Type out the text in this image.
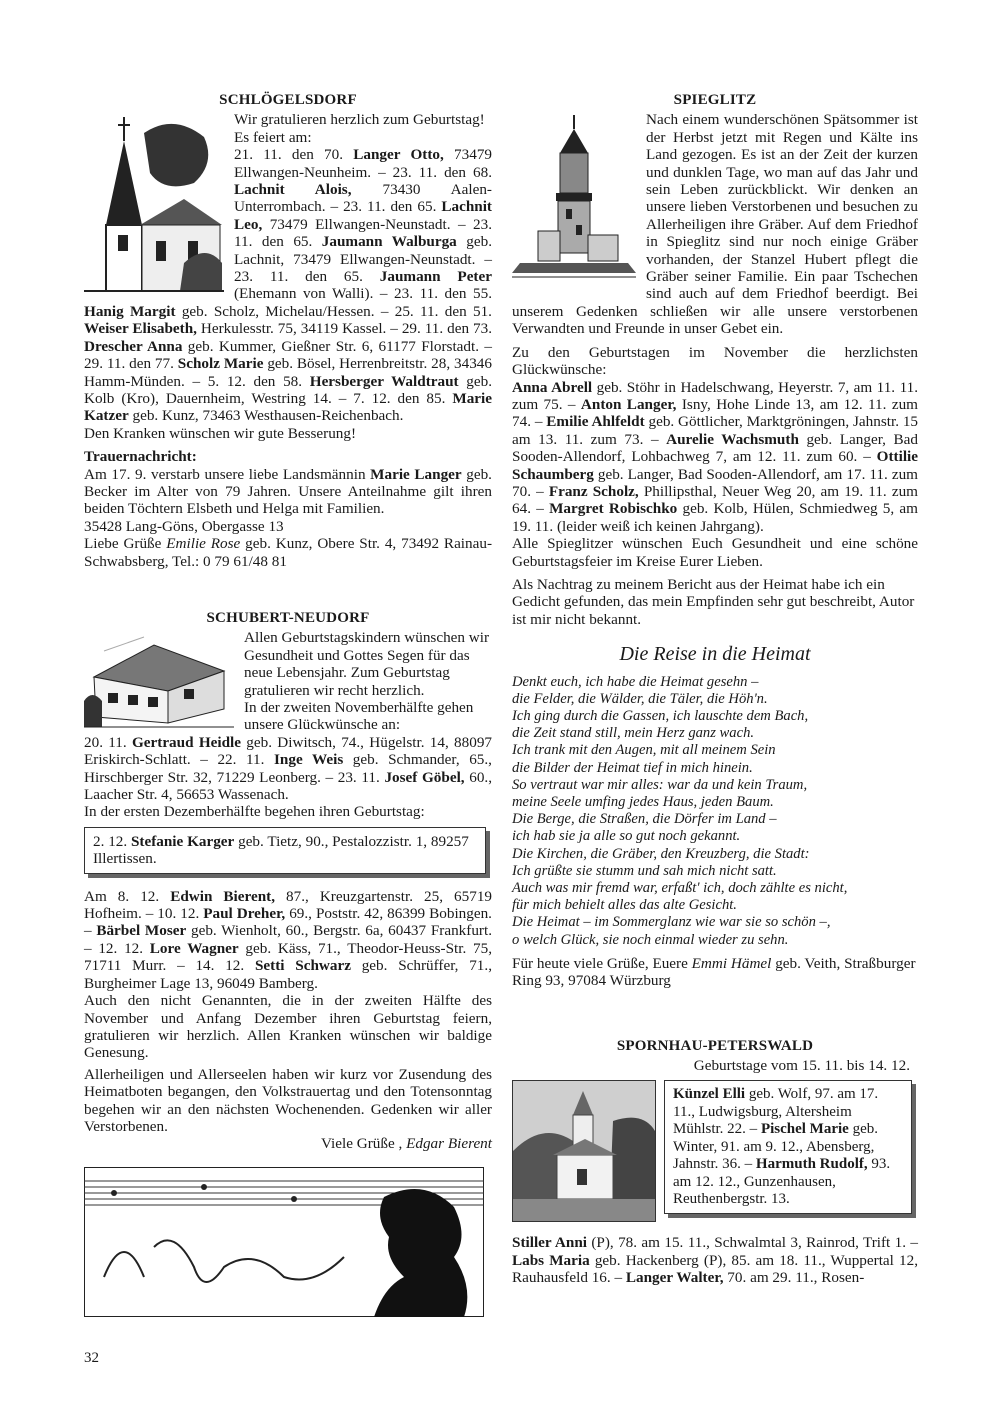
SCHLÖGELSDORF

Wir gratulieren herzlich zum Geburtstag!

Es feiert am:

21. 11. den 70. Langer Otto, 73479 Ellwangen-Neunheim. – 23. 11. den 68. Lachnit Alois, 73430 Aalen-Unterrombach. – 23. 11. den 65. Lachnit Leo, 73479 Ellwangen-Neunstadt. – 23. 11. den 65. Jaumann Walburga geb. Lachnit, 73479 Ellwangen-Neunstadt. – 23. 11. den 65. Jaumann Peter (Ehemann von Walli). – 23. 11. den 55. Hanig Margit geb. Scholz, Michelau/Hessen. – 25. 11. den 51. Weiser Elisabeth, Herkulesstr. 75, 34119 Kassel. – 29. 11. den 73. Drescher Anna geb. Kummer, Gießner Str. 6, 61177 Florstadt. – 29. 11. den 77. Scholz Marie geb. Bösel, Herrenbreitstr. 28, 34346 Hamm-Münden. – 5. 12. den 58. Hersberger Waldtraut geb. Kolb (Kro), Dauernheim, Westring 14. – 7. 12. den 85. Marie Katzer geb. Kunz, 73463 Westhausen-Reichenbach.
Den Kranken wünschen wir gute Besserung!

Trauernachricht:

Am 17. 9. verstarb unsere liebe Landsmännin Marie Langer geb. Becker im Alter von 79 Jahren. Unsere Anteilnahme gilt ihren beiden Töchtern Elsbeth und Helga mit Familien.

35428 Lang-Göns, Obergasse 13

Liebe Grüße Emilie Rose geb. Kunz, Obere Str. 4, 73492 Rainau-Schwabsberg, Tel.: 0 79 61/48 81

SCHUBERT-NEUDORF

Allen Geburtstagskindern wünschen wir Gesundheit und Gottes Segen für das neue Lebensjahr. Zum Geburtstag gratulieren wir recht herzlich.

In der zweiten Novemberhälfte gehen unsere Glückwünsche an:

20. 11. Gertraud Heidle geb. Diwitsch, 74., Hügelstr. 14, 88097 Eriskirch-Schlatt. – 22. 11. Inge Weis geb. Schmander, 65., Hirschberger Str. 32, 71229 Leonberg. – 23. 11. Josef Göbel, 60., Laacher Str. 4, 56653 Wassenach.

In der ersten Dezemberhälfte begehen ihren Geburtstag:

2. 12. Stefanie Karger geb. Tietz, 90., Pestalozzistr. 1, 89257 Illertissen.

Am 8. 12. Edwin Bierent, 87., Kreuzgartenstr. 25, 65719 Hofheim. – 10. 12. Paul Dreher, 69., Poststr. 42, 86399 Bobingen. – Bärbel Moser geb. Wienholt, 60., Bergstr. 6a, 60437 Frankfurt. – 12. 12. Lore Wagner geb. Käss, 71., Theodor-Heuss-Str. 75, 71711 Murr. – 14. 12. Setti Schwarz geb. Schrüffer, 71., Burgheimer Lage 13, 96049 Bamberg.

Auch den nicht Genannten, die in der zweiten Hälfte des November und Anfang Dezember ihren Geburtstag feiern, gratulieren wir herzlich. Allen Kranken wünschen wir baldige Genesung.

Allerheiligen und Allerseelen haben wir kurz vor Zusendung des Heimatboten begangen, den Volkstrauertag und den Totensonntag begehen wir an den nächsten Wochenenden. Gedenken wir aller Verstorbenen.

Viele Grüße , Edgar Bierent
SPIEGLITZ

Nach einem wunderschönen Spätsommer ist der Herbst jetzt mit Regen und Kälte ins Land gezogen. Es ist an der Zeit der kurzen und dunklen Tage, wo man auf das Jahr und sein Leben zurückblickt. Wir denken an unsere lieben Verstorbenen und besuchen zu Allerheiligen ihre Gräber. Auf dem Friedhof in Spieglitz sind nur noch einige Gräber vorhanden, der Stanzel Hubert pflegt die Gräber seiner Familie. Ein paar Tschechen sind auch auf dem Friedhof beerdigt. Bei unserem Gedenken schließen wir alle unsere verstorbenen Verwandten und Freunde in unser Gebet ein.

Zu den Geburtstagen im November die herzlichsten Glückwünsche:

Anna Abrell geb. Stöhr in Hadelschwang, Heyerstr. 7, am 11. 11. zum 75. – Anton Langer, Isny, Hohe Linde 13, am 12. 11. zum 74. – Emilie Ahlfeldt geb. Göttlicher, Marktgröningen, Jahnstr. 15 am 13. 11. zum 73. – Aurelie Wachsmuth geb. Langer, Bad Sooden-Allendorf, Lohbachweg 7, am 12. 11. zum 60. – Ottilie Schaumberg geb. Langer, Bad Sooden-Allendorf, am 17. 11. zum 70. – Franz Scholz, Phillipsthal, Neuer Weg 20, am 19. 11. zum 64. – Margret Robischko geb. Kolb, Hülen, Schmiedweg 5, am 19. 11. (leider weiß ich keinen Jahrgang).

Alle Spieglitzer wünschen Euch Gesundheit und eine schöne Geburtstagsfeier im Kreise Eurer Lieben.

Als Nachtrag zu meinem Bericht aus der Heimat habe ich ein Gedicht gefunden, das mein Empfinden sehr gut beschreibt, Autor ist mir nicht bekannt.

Die Reise in die Heimat
Denkt euch, ich habe die Heimat gesehn –
die Felder, die Wälder, die Täler, die Höh'n.
Ich ging durch die Gassen, ich lauschte dem Bach,
die Zeit stand still, mein Herz ganz wach.
Ich trank mit den Augen, mit all meinem Sein
die Bilder der Heimat tief in mich hinein.
So vertraut war mir alles: war da und kein Traum,
meine Seele umfing jedes Haus, jeden Baum.
Die Berge, die Straßen, die Dörfer im Land –
ich hab sie ja alle so gut noch gekannt.
Die Kirchen, die Gräber, den Kreuzberg, die Stadt:
Ich grüßte sie stumm und sah mich nicht satt.
Auch was mir fremd war, erfaßt' ich, doch zählte es nicht,
für mich behielt alles das alte Gesicht.
Die Heimat – im Sommerglanz wie war sie so schön –,
o welch Glück, sie noch einmal wieder zu sehn.

Für heute viele Grüße, Euere Emmi Hämel geb. Veith, Straßburger Ring 93, 97084 Würzburg

SPORNHAU-PETERSWALD

Geburtstage vom 15. 11. bis 14. 12.

Künzel Elli geb. Wolf, 97. am 17. 11., Ludwigsburg, Altersheim Mühlstr. 22. – Pischel Marie geb. Winter, 91. am 9. 12., Abensberg, Jahnstr. 36. – Harmuth Rudolf, 93. am 12. 12., Gunzenhausen, Reuthenbergstr. 13.

Stiller Anni (P), 78. am 15. 11., Schwalmtal 3, Rainrod, Trift 1. – Labs Maria geb. Hackenberg (P), 85. am 18. 11., Wuppertal 12, Rauhausfeld 16. – Langer Walter, 70. am 29. 11., Rosen-

32
